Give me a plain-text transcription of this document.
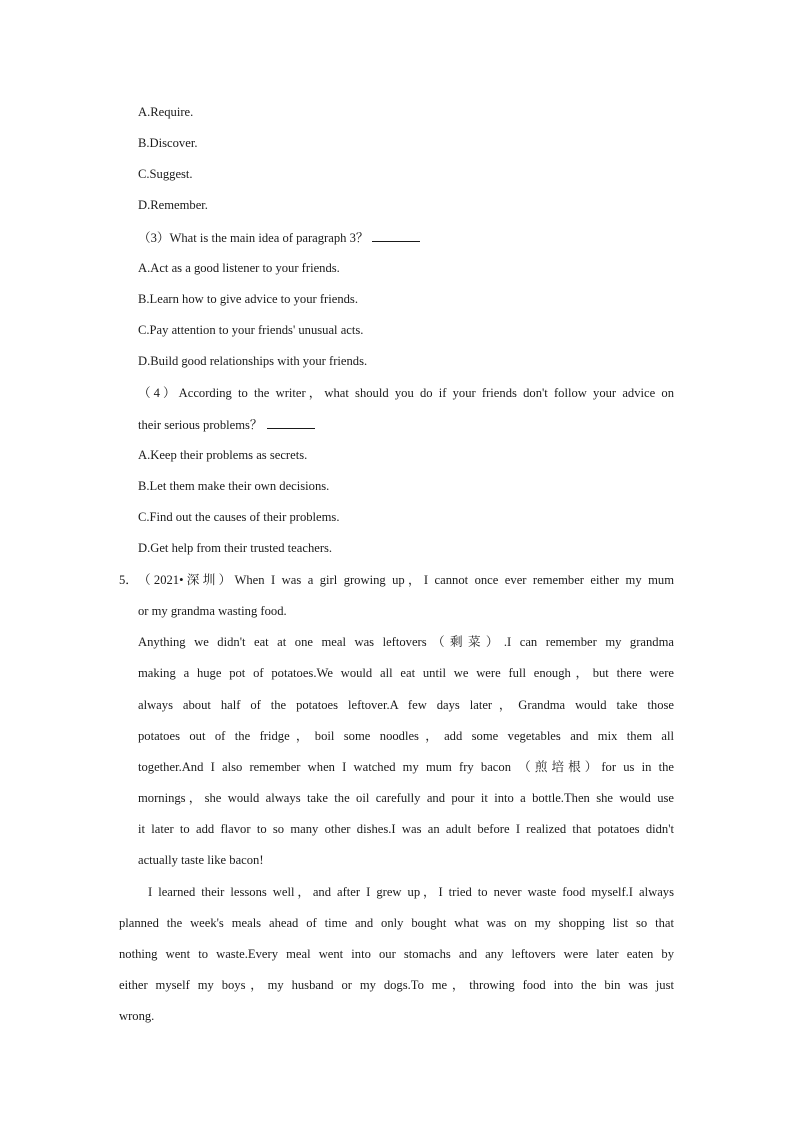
A.Require.
B.Discover.
C.Suggest.
D.Remember.
（3）What is the main idea of paragraph 3？
A.Act as a good listener to your friends.
B.Learn how to give advice to your friends.
C.Pay attention to your friends' unusual acts.
D.Build good relationships with your friends.
（4）According to the writer，what should you do if your friends don't follow your advice on
their serious problems？
A.Keep their problems as secrets.
B.Let them make their own decisions.
C.Find out the causes of their problems.
D.Get help from their trusted teachers.
5． （2021•深圳）When I was a girl growing up，I cannot once ever remember either my mum
or my grandma wasting food.
Anything we didn't eat at one meal was leftovers（剩菜）.I can remember my grandma
making a huge pot of potatoes.We would all eat until we were full enough，but there were
always about half of the potatoes leftover.A few days later，Grandma would take those
potatoes out of the fridge，boil some noodles，add some vegetables and mix them all
together.And I also remember when I watched my mum fry bacon （煎培根）for us in the
mornings，she would always take the oil carefully and pour it into a bottle.Then she would use
it later to add flavor to so many other dishes.I was an adult before I realized that potatoes didn't
actually taste like bacon!
I learned their lessons well，and after I grew up，I tried to never waste food myself.I always
planned the week's meals ahead of time and only bought what was on my shopping list so that
nothing went to waste.Every meal went into our stomachs and any leftovers were later eaten by
either myself my boys，my husband or my dogs.To me，throwing food into the bin was just
wrong.
